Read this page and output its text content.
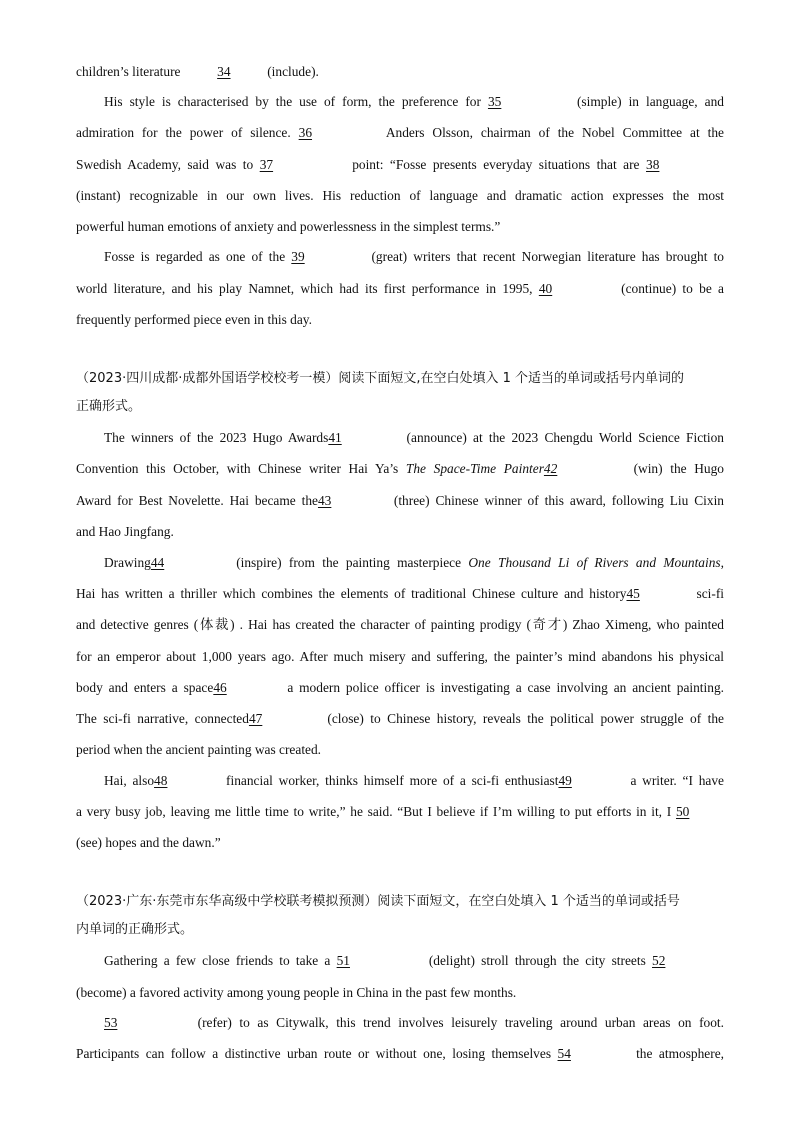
children’s literature	34	(include).
His style is characterised by the use of form, the preference for 35	(simple) in language, and
admiration for the power of silence. 36	Anders Olsson, chairman of the Nobel Committee at the
Swedish Academy, said was to 37	point: “Fosse presents everyday situations that are 38
(instant) recognizable in our own lives. His reduction of language and dramatic action expresses the most
powerful human emotions of anxiety and powerlessness in the simplest terms.”
Fosse is regarded as one of the 39	(great) writers that recent Norwegian literature has brought to
world literature, and his play Namnet, which had its first performance in 1995, 40	(continue) to be a
frequently performed piece even in this day.
（2023·四川成都·成都外国语学校校考一模）阅读下面短文,在空白处填入 1 个适当的单词或括号内单词的
正确形式。
The winners of the 2023 Hugo Awards41	(announce) at the 2023 Chengdu World Science Fiction
Convention this October, with Chinese writer Hai Ya’s The Space-Time Painter42	(win) the Hugo
Award for Best Novelette. Hai became the43	(three) Chinese winner of this award, following Liu Cixin
and Hao Jingfang.
Drawing44	(inspire) from the painting masterpiece One Thousand Li of Rivers and Mountains,
Hai has written a thriller which combines the elements of traditional Chinese culture and history45	sci-fi
and detective genres (体裁) . Hai has created the character of painting prodigy (奇才) Zhao Ximeng, who painted
for an emperor about 1,000 years ago. After much misery and suffering, the painter’s mind abandons his physical
body and enters a space46	a modern police officer is investigating a case involving an ancient painting.
The sci-fi narrative, connected47	(close) to Chinese history, reveals the political power struggle of the
period when the ancient painting was created.
Hai, also48	financial worker, thinks himself more of a sci-fi enthusiast49	a writer. “I have
a very busy job, leaving me little time to write,” he said. “But I believe if I’m willing to put efforts in it, I 50
(see) hopes and the dawn.”
（2023·广东·东莞市东华高级中学校联考模拟预测）阅读下面短文，在空白处填入 1 个适当的单词或括号
内单词的正确形式。
Gathering a few close friends to take a 51	(delight) stroll through the city streets 52
(become) a favored activity among young people in China in the past few months.
53	(refer) to as Citywalk, this trend involves leisurely traveling around urban areas on foot.
Participants can follow a distinctive urban route or without one, losing themselves 54	the atmosphere,
